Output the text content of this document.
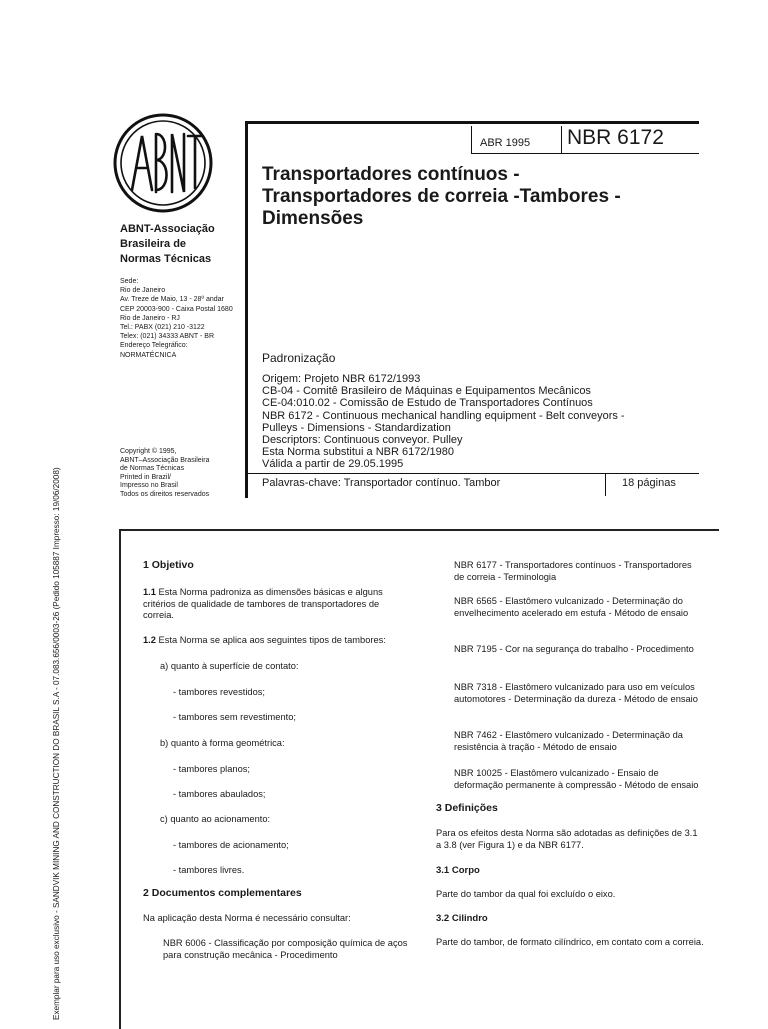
ABNT-Associação
Brasileira de
Normas Técnicas
Sede:
Rio de Janeiro
Av. Treze de Maio, 13 - 28º andar
CEP 20003-900 - Caixa Postal 1680
Rio de Janeiro - RJ
Tel.: PABX (021) 210 -3122
Telex: (021) 34333 ABNT - BR
Endereço Telegráfico:
NORMATÉCNICA
Copyright © 1995,
ABNT–Associação Brasileira
de Normas Técnicas
Printed in Brazil/
Impresso no Brasil
Todos os direitos reservados
Exemplar para uso exclusivo - SANDVIK MINING AND CONSTRUCTION DO BRASIL S.A - 07.083.656/0003-26 (Pedido 105887 Impresso: 19/06/2008)
ABR 1995 NBR 6172
Transportadores contínuos -
Transportadores de correia -Tambores -
Dimensões
Padronização
Origem: Projeto NBR 6172/1993
CB-04 - Comitê Brasileiro de Máquinas e Equipamentos Mecânicos
CE-04:010.02 - Comissão de Estudo de Transportadores Contínuos
NBR 6172 - Continuous mechanical handling equipment - Belt conveyors -
Pulleys - Dimensions - Standardization
Descriptors: Continuous conveyor. Pulley
Esta Norma substitui a NBR 6172/1980
Válida a partir de 29.05.1995
Palavras-chave: Transportador contínuo. Tambor	18 páginas
1 Objetivo
1.1 Esta Norma padroniza as dimensões básicas e alguns critérios de qualidade de tambores de transportadores de correia.
1.2 Esta Norma se aplica aos seguintes tipos de tambores:
a) quanto à superfície de contato:
- tambores revestidos;
- tambores sem revestimento;
b) quanto à forma geométrica:
- tambores planos;
- tambores abaulados;
c) quanto ao acionamento:
- tambores de acionamento;
- tambores livres.
2 Documentos complementares
Na aplicação desta Norma é necessário consultar:
NBR 6006 - Classificação por composição química de aços para construção mecânica - Procedimento
NBR 6177 - Transportadores contínuos - Transportadores de correia - Terminologia
NBR 6565 - Elastômero vulcanizado - Determinação do envelhecimento acelerado em estufa - Método de ensaio
NBR 7195 - Cor na segurança do trabalho - Procedimento
NBR 7318 - Elastômero vulcanizado para uso em veículos automotores - Determinação da dureza - Método de ensaio
NBR 7462 - Elastômero vulcanizado - Determinação da resistência à tração - Método de ensaio
NBR 10025 - Elastômero vulcanizado - Ensaio de deformação permanente à compressão - Método de ensaio
3 Definições
Para os efeitos desta Norma são adotadas as definições de 3.1 a 3.8 (ver Figura 1) e da NBR 6177.
3.1 Corpo
Parte do tambor da qual foi excluído o eixo.
3.2 Cilindro
Parte do tambor, de formato cilíndrico, em contato com a correia.
